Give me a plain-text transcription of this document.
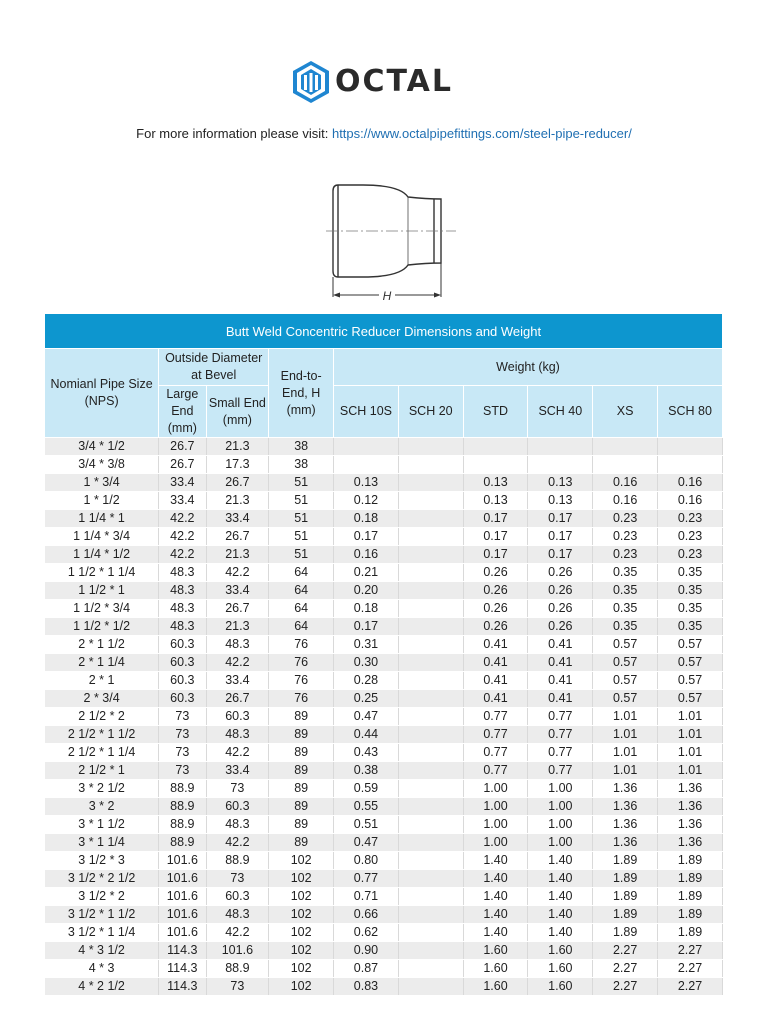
OCTAL
For more information please visit: https://www.octalpipefittings.com/steel-pipe-reducer/
H
Butt Weld Concentric Reducer Dimensions and Weight									
Nomianl Pipe Size (NPS)	Outside Diameter at Bevel		End-to-End, H (mm)	Weight (kg)					
	Large End (mm)	Small End (mm)		SCH 10S	SCH 20	STD	SCH 40	XS	SCH 80
3/4 * 1/2	26.7	21.3	38						
3/4 * 3/8	26.7	17.3	38						
1 * 3/4	33.4	26.7	51	0.13		0.13	0.13	0.16	0.16
1 * 1/2	33.4	21.3	51	0.12		0.13	0.13	0.16	0.16
1 1/4 * 1	42.2	33.4	51	0.18		0.17	0.17	0.23	0.23
1 1/4 * 3/4	42.2	26.7	51	0.17		0.17	0.17	0.23	0.23
1 1/4 * 1/2	42.2	21.3	51	0.16		0.17	0.17	0.23	0.23
1 1/2 * 1 1/4	48.3	42.2	64	0.21		0.26	0.26	0.35	0.35
1 1/2 * 1	48.3	33.4	64	0.20		0.26	0.26	0.35	0.35
1 1/2 * 3/4	48.3	26.7	64	0.18		0.26	0.26	0.35	0.35
1 1/2 * 1/2	48.3	21.3	64	0.17		0.26	0.26	0.35	0.35
2 * 1 1/2	60.3	48.3	76	0.31		0.41	0.41	0.57	0.57
2 * 1 1/4	60.3	42.2	76	0.30		0.41	0.41	0.57	0.57
2 * 1	60.3	33.4	76	0.28		0.41	0.41	0.57	0.57
2 * 3/4	60.3	26.7	76	0.25		0.41	0.41	0.57	0.57
2 1/2 * 2	73	60.3	89	0.47		0.77	0.77	1.01	1.01
2 1/2 * 1 1/2	73	48.3	89	0.44		0.77	0.77	1.01	1.01
2 1/2 * 1 1/4	73	42.2	89	0.43		0.77	0.77	1.01	1.01
2 1/2 * 1	73	33.4	89	0.38		0.77	0.77	1.01	1.01
3 * 2 1/2	88.9	73	89	0.59		1.00	1.00	1.36	1.36
3 * 2	88.9	60.3	89	0.55		1.00	1.00	1.36	1.36
3 * 1 1/2	88.9	48.3	89	0.51		1.00	1.00	1.36	1.36
3 * 1 1/4	88.9	42.2	89	0.47		1.00	1.00	1.36	1.36
3 1/2 * 3	101.6	88.9	102	0.80		1.40	1.40	1.89	1.89
3 1/2 * 2 1/2	101.6	73	102	0.77		1.40	1.40	1.89	1.89
3 1/2 * 2	101.6	60.3	102	0.71		1.40	1.40	1.89	1.89
3 1/2 * 1 1/2	101.6	48.3	102	0.66		1.40	1.40	1.89	1.89
3 1/2 * 1 1/4	101.6	42.2	102	0.62		1.40	1.40	1.89	1.89
4 * 3 1/2	114.3	101.6	102	0.90		1.60	1.60	2.27	2.27
4 * 3	114.3	88.9	102	0.87		1.60	1.60	2.27	2.27
4 * 2 1/2	114.3	73	102	0.83		1.60	1.60	2.27	2.27
